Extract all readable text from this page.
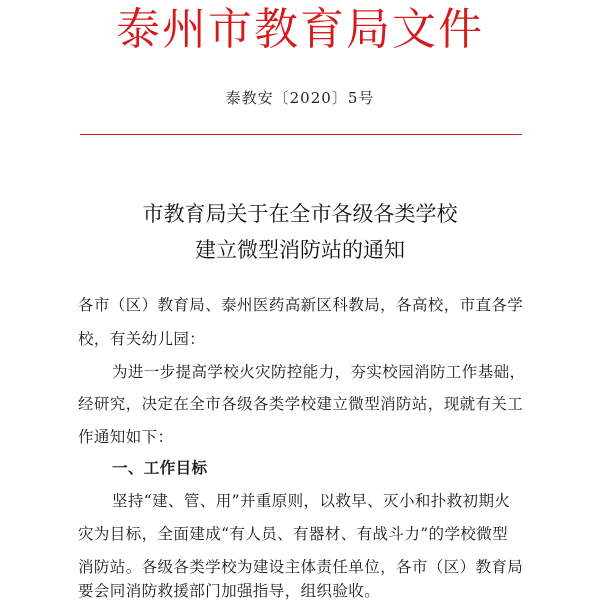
泰州市教育局文件
泰教安〔2020〕5号
市教育局关于在全市各级各类学校
建立微型消防站的通知
各市（区）教育局、泰州医药高新区科教局，各高校，市直各学
校，有关幼儿园：
为进一步提高学校火灾防控能力，夯实校园消防工作基础，
经研究，决定在全市各级各类学校建立微型消防站，现就有关工
作通知如下：
一、工作目标
坚持“建、管、用”并重原则，以救早、灭小和扑救初期火
灾为目标，全面建成“有人员、有器材、有战斗力”的学校微型
消防站。各级各类学校为建设主体责任单位，各市（区）教育局
要会同消防救援部门加强指导，组织验收。
